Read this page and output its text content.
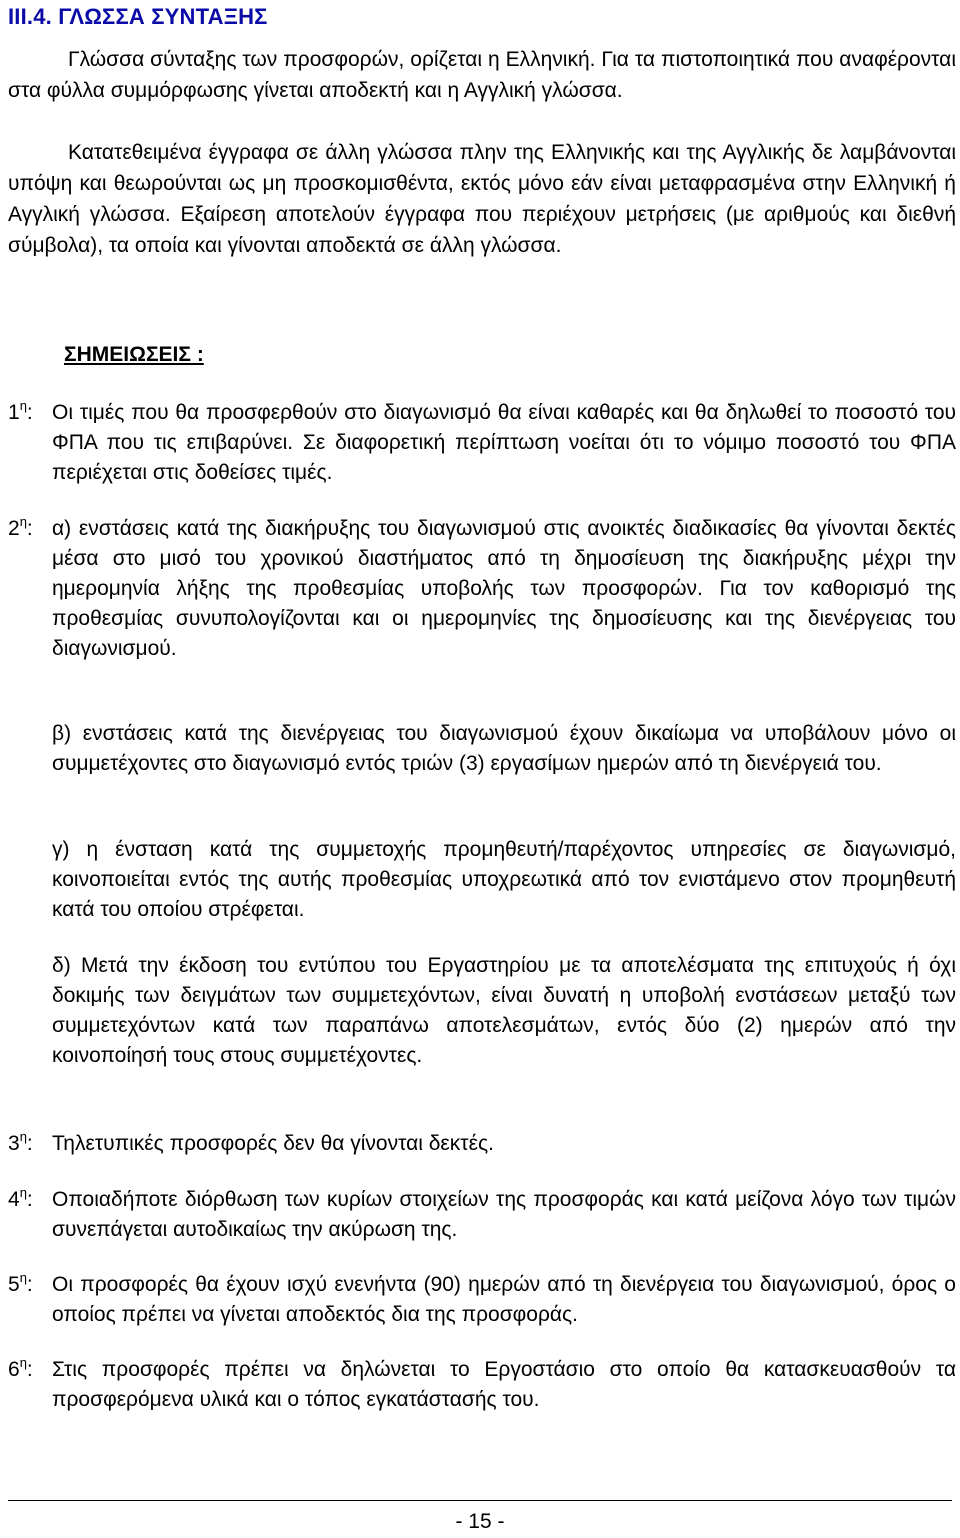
III.4. ΓΛΩΣΣΑ ΣΥΝΤΑΞΗΣ
Γλώσσα σύνταξης των προσφορών, ορίζεται η Ελληνική. Για τα πιστοποιητικά που αναφέρονται στα φύλλα συμμόρφωσης γίνεται αποδεκτή και η Αγγλική γλώσσα.
Κατατεθειμένα έγγραφα σε άλλη γλώσσα πλην της Ελληνικής και της Αγγλικής δε λαμβάνονται υπόψη και θεωρούνται ως μη προσκομισθέντα, εκτός μόνο εάν είναι μεταφρασμένα στην Ελληνική ή Αγγλική γλώσσα. Εξαίρεση αποτελούν έγγραφα που περιέχουν μετρήσεις (με αριθμούς και διεθνή σύμβολα), τα οποία και γίνονται αποδεκτά σε άλλη γλώσσα.
ΣΗΜΕΙΩΣΕΙΣ :
$1^\eta$: Οι τιμές που θα προσφερθούν στο διαγωνισμό θα είναι καθαρές και θα δηλωθεί το ποσοστό του ΦΠΑ που τις επιβαρύνει. Σε διαφορετική περίπτωση νοείται ότι το νόμιμο ποσοστό του ΦΠΑ περιέχεται στις δοθείσες τιμές.
$2^\eta$: α) ενστάσεις κατά της διακήρυξης του διαγωνισμού στις ανοικτές διαδικασίες θα γίνονται δεκτές μέσα στο μισό του χρονικού διαστήματος από τη δημοσίευση της διακήρυξης μέχρι την ημερομηνία λήξης της προθεσμίας υποβολής των προσφορών. Για τον καθορισμό της προθεσμίας συνυπολογίζονται και οι ημερομηνίες της δημοσίευσης και της διενέργειας του διαγωνισμού.
β) ενστάσεις κατά της διενέργειας του διαγωνισμού έχουν δικαίωμα να υποβάλουν μόνο οι συμμετέχοντες στο διαγωνισμό εντός τριών (3) εργασίμων ημερών από τη διενέργειά του.
γ) η ένσταση κατά της συμμετοχής προμηθευτή/παρέχοντος υπηρεσίες σε διαγωνισμό, κοινοποιείται εντός της αυτής προθεσμίας υποχρεωτικά από τον ενιστάμενο στον προμηθευτή κατά του οποίου στρέφεται.
δ) Μετά την έκδοση του εντύπου του Εργαστηρίου με τα αποτελέσματα της επιτυχούς ή όχι δοκιμής των δειγμάτων των συμμετεχόντων, είναι δυνατή η υποβολή ενστάσεων μεταξύ των συμμετεχόντων κατά των παραπάνω αποτελεσμάτων, εντός δύο (2) ημερών από την κοινοποίησή τους στους συμμετέχοντες.
$3^\eta$: Τηλετυπικές προσφορές δεν θα γίνονται δεκτές.
$4^\eta$: Οποιαδήποτε διόρθωση των κυρίων στοιχείων της προσφοράς και κατά μείζονα λόγο των τιμών συνεπάγεται αυτοδικαίως την ακύρωση της.
$5^\eta$: Οι προσφορές θα έχουν ισχύ ενενήντα (90) ημερών από τη διενέργεια του διαγωνισμού, όρος ο οποίος πρέπει να γίνεται αποδεκτός δια της προσφοράς.
$6^\eta$: Στις προσφορές πρέπει να δηλώνεται το Εργοστάσιο στο οποίο θα κατασκευασθούν τα προσφερόμενα υλικά και ο τόπος εγκατάστασής του.
- 15 -
